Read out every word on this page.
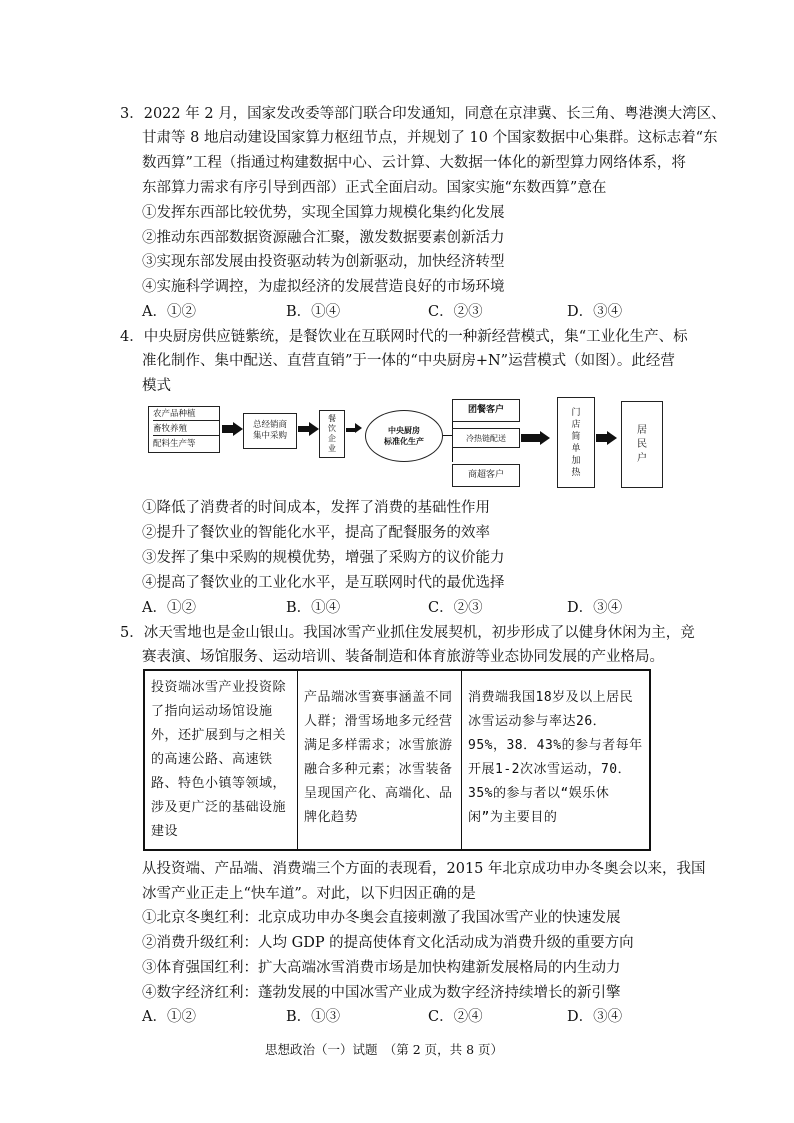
3．2022 年 2 月，国家发改委等部门联合印发通知，同意在京津冀、长三角、粤港澳大湾区、
甘肃等 8 地启动建设国家算力枢纽节点，并规划了 10 个国家数据中心集群。这标志着“东
数西算”工程（指通过构建数据中心、云计算、大数据一体化的新型算力网络体系，将
东部算力需求有序引导到西部）正式全面启动。国家实施“东数西算”意在
①发挥东西部比较优势，实现全国算力规模化集约化发展
②推动东西部数据资源融合汇聚，激发数据要素创新活力
③实现东部发展由投资驱动转为创新驱动，加快经济转型
④实施科学调控，为虚拟经济的发展营造良好的市场环境
A．①②	B．①④	C．②③	D．③④
4．中央厨房供应链紫统，是餐饮业在互联网时代的一种新经营模式，集“工业化生产、标
准化制作、集中配送、直营直销”于一体的“中央厨房+N”运营模式（如图）。此经营
模式
农产品种植
畜牧养殖
配料生产等
总经销商
集中采购
餐
饮
企
业
中央厨房
标准化生产
团餐客户
冷热链配送
商超客户
门
店
简
单
加
热
居
民
户
①降低了消费者的时间成本，发挥了消费的基础性作用
②提升了餐饮业的智能化水平，提高了配餐服务的效率
③发挥了集中采购的规模优势，增强了采购方的议价能力
④提高了餐饮业的工业化水平，是互联网时代的最优选择
A．①②	B．①④	C．②③	D．③④
5．冰天雪地也是金山银山。我国冰雪产业抓住发展契机，初步形成了以健身休闲为主，竞
赛表演、场馆服务、运动培训、装备制造和体育旅游等业态协同发展的产业格局。
投资端冰雪产业投资除了指向运动场馆设施外，还扩展到与之相关的高速公路、高速铁路、特色小镇等领域，涉及更广泛的基础设施建设
产品端冰雪赛事涵盖不同人群；滑雪场地多元经营满足多样需求；冰雪旅游融合多种元素；冰雪装备呈现国产化、高端化、品牌化趋势
消费端我国18岁及以上居民冰雪运动参与率达26．95%，38．43%的参与者每年开展1-2次冰雪运动，70．35%的参与者以“娱乐休闲”为主要目的
从投资端、产品端、消费端三个方面的表现看，2015 年北京成功申办冬奥会以来，我国
冰雪产业正走上“快车道”。对此，以下归因正确的是
①北京冬奥红利：北京成功申办冬奥会直接刺激了我国冰雪产业的快速发展
②消费升级红利：人均 GDP 的提高使体育文化活动成为消费升级的重要方向
③体育强国红利：扩大高端冰雪消费市场是加快构建新发展格局的内生动力
④数字经济红利：蓬勃发展的中国冰雪产业成为数字经济持续增长的新引擎
A．①②	B．①③	C．②④	D．③④
思想政治（一）试题　（第 2 页，共 8 页）
